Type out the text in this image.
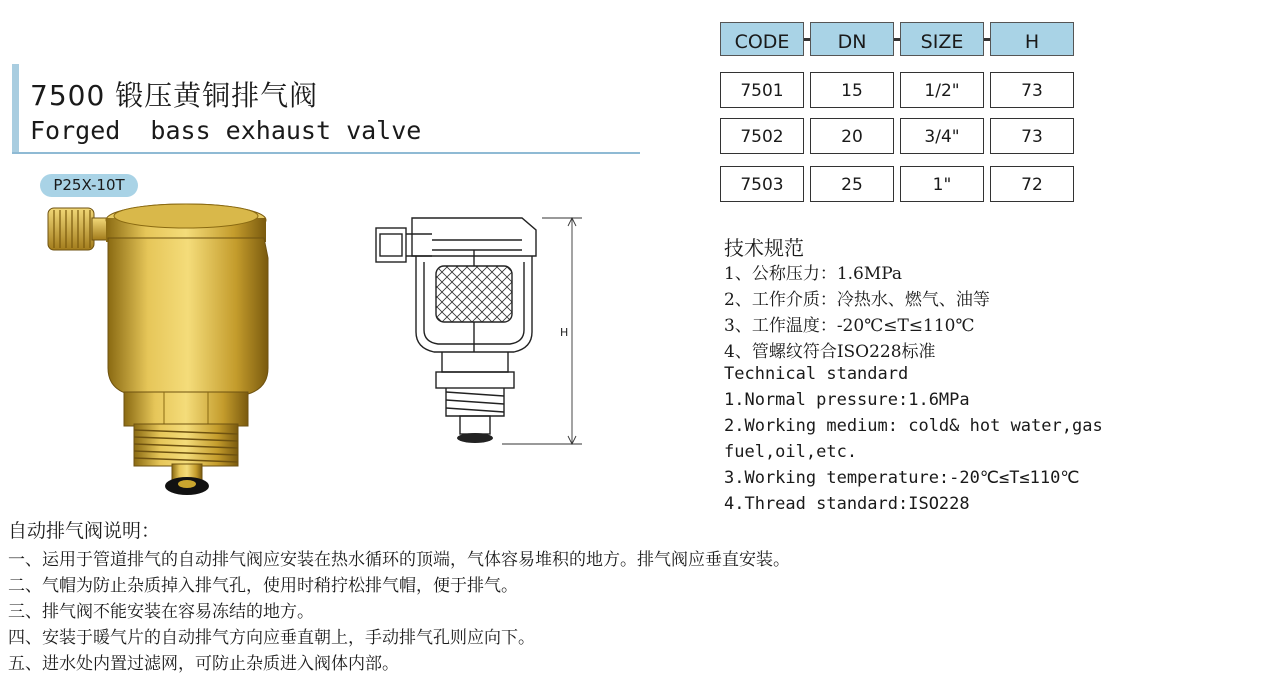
7500 锻压黄铜排气阀
Forged  bass exhaust valve
P25X-10T
H
CODE	DN	SIZE	H
7501	15	1/2"	73
7502	20	3/4"	73
7503	25	1"	72
技术规范
1、公称压力：1.6MPa
2、工作介质：冷热水、燃气、油等
3、工作温度：-20℃≤T≤110℃
4、管螺纹符合ISO228标准
Technical standard
1.Normal pressure:1.6MPa
2.Working medium: cold& hot water,gas
fuel,oil,etc.
3.Working temperature:-20℃≤T≤110℃
4.Thread standard:ISO228
自动排气阀说明：
一、运用于管道排气的自动排气阀应安装在热水循环的顶端，气体容易堆积的地方。排气阀应垂直安装。
二、气帽为防止杂质掉入排气孔，使用时稍拧松排气帽，便于排气。
三、排气阀不能安装在容易冻结的地方。
四、安装于暖气片的自动排气方向应垂直朝上，手动排气孔则应向下。
五、进水处内置过滤网，可防止杂质进入阀体内部。
